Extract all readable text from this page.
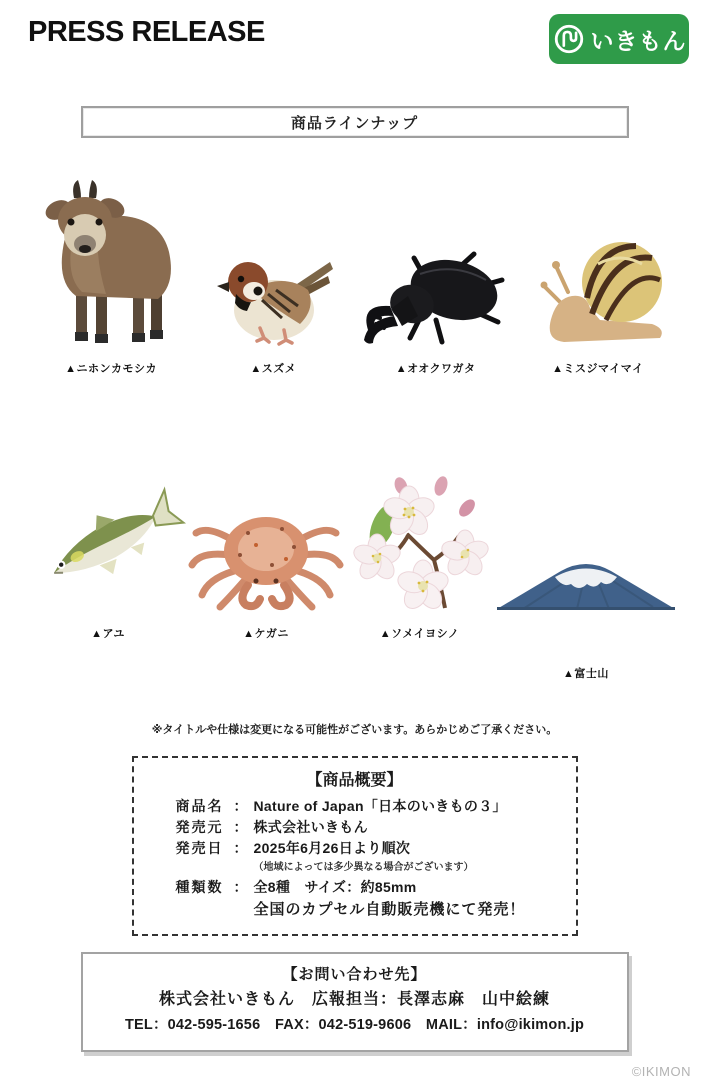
PRESS RELEASE	いきもん
商品ラインナップ
▲ニホンカモシカ	▲スズメ	▲オオクワガタ	▲ミスジマイマイ
▲アユ	▲ケガニ	▲ソメイヨシノ
▲富士山
※タイトルや仕様は変更になる可能性がございます。あらかじめご了承ください。
【商品概要】
商品名 ： Nature of Japan「日本のいきもの３」
発売元 ： 株式会社いきもん
発売日 ： 2025年6月26日より順次
（地域によっては多少異なる場合がございます）
種類数 ： 全8種　サイズ：約85mm
全国のカプセル自動販売機にて発売！
【お問い合わせ先】
株式会社いきもん　広報担当：長澤志麻　山中絵練
TEL：042-595-1656　FAX：042-519-9606　MAIL：info@ikimon.jp
©IKIMON
